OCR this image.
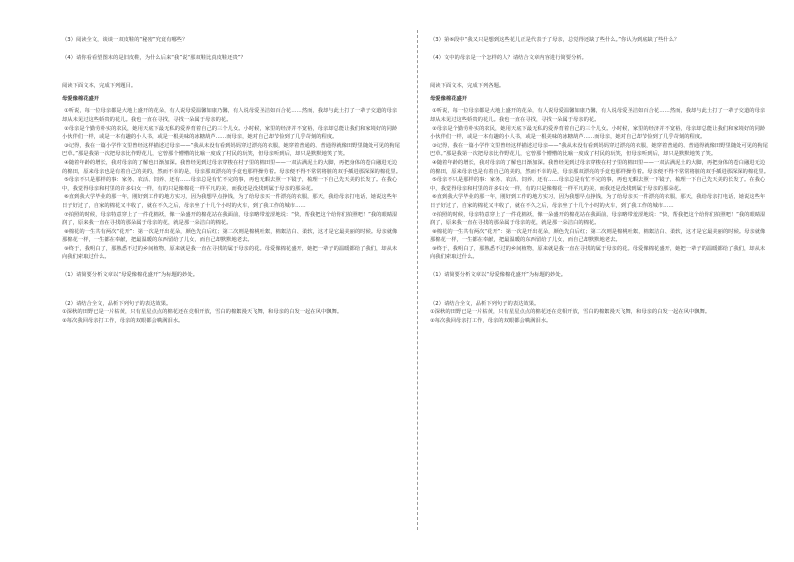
（3）阅读全文，谈谈一双皮鞋的“秘密”究竟有哪些？

（4）请你看看望图末的是旧皮鞋，为什么后来“我”说“那双鞋比真皮鞋还贵”？

阅读下面文本，完成下列题目。

母爱像棉花盛开

①听说，每一位母亲都是大地上盛开的花朵，有人说母爱温馨如康乃馨，有人说母爱圣洁如百合花……然而，我却与此土打了一辈子交道的母亲却从未见过这些娇贵的花儿。我也一直在寻找，寻找一朵属于母亲的花。

②母亲是个勤劳朴实的农民，她用天底下最无私的爱养育着自己的三个儿女。小时候，家里的经济并不宽裕，母亲却总能让我们和家境好的同龄小伙伴们一样，或是一本有趣的小人书，或是一根美味的冰糖葫芦……而母亲，她对自己却节俭到了几乎苛刻的程度。

③记得，我在一篇小学作文里曾经这样描述过母亲——“我从未没有看到妈妈穿过漂亮的衣服，她穿着普通的、普通得就像田野里随处可见的狗尾巴草。”那是我第一次把母亲比作野花儿，它曾那个懵懵的比喻一度成了村民的玩笑，但母亲听到后，却只是默默地笑了笑。

④随着年龄的增长，我对母亲的了解也日渐加深。我曾经见到过母亲穿梭在村子里的棉田里——一双沾满泥土的大脚，再把身体的苍白融进无边的棉田，原来母亲也是有着自己的美的，然而不幸的是，母亲那双漂亮的手竟也那样操劳着。母亲便不得不常常将脏的双手插进那深深的棉花里。

⑤母亲不只是那样的事：家务、农活、饲养、还有……母亲总是有忙不完的事，再也无暇去照一下镜子，梳理一下自己先天美的长发了。在我心中，我觉得母亲和村里的许多妇女一样，有的只是像棉花一样平凡的美，而我还是没找到属于母亲的那朵花。

⑥直到我大学毕业的那一年，刚好到工作的地方实习，因为我想早点挣钱，为了给母亲买一件漂亮的衣服，那天，我给母亲打电话，她说这些年日子好过了，自家的棉花又丰收了，就在不久之后，母亲坐了十几个小时的火车，到了我工作的城市……

⑦拍照的时候，母亲特意穿上了一件花棉袄，像一朵盛开的棉花站在我面前，母亲略带羞涩地说：“快，帮我把这个给你们拍照吧！”我的眼睛湿润了，原来我一直在寻找的那朵属于母亲的花，就是那一朵洁白的棉花。

⑧棉花的一生共有两次“花开”：第一次是开出花朵，颜色先白后红；第二次则是棉桃吐絮，棉絮洁白、柔软，这才是它最美丽的时候。母亲就像那棉花一样，一生都在奉献，把最温暖的东西留给了儿女，而自己却默默地老去。

⑨终于，我明白了，那熟悉不过的乡间植物，原来就是我一直在寻找的属于母亲的花。母爱像棉花盛开，她把一辈子的温暖都给了我们，却从未向我们索取过什么。

（1）请简要分析文章以“母爱像棉花盛开”为标题的妙处。

（2）请结合全文，品析下列句子的表达效果。

①深秋的田野已是一片枯黄，只有星星点点的棉花还在竞相开放，雪白的棉絮漫天飞舞，和母亲的白发一起在风中飘舞。

②每次我回母亲打工作，母亲的双眼都会噙满泪水。

（3）第⑥段中“我又只是想到这些花儿正是代表于了母亲，总觉得还缺了些什么。”你认为到底缺了些什么？

（4）文中的母亲是一个怎样的人？请结合文章内容进行简要分析。

阅读下面文本，完成下列各题。

母爱像棉花盛开

①听说，每一位母亲都是大地上盛开的花朵，有人说母爱温馨如康乃馨，有人说母爱圣洁如百合花……然而，我却与此土打了一辈子交道的母亲却从未见过这些娇贵的花儿。我也一直在寻找，寻找一朵属于母亲的花。

②母亲是个勤劳朴实的农民，她用天底下最无私的爱养育着自己的三个儿女。小时候，家里的经济并不宽裕，母亲却总能让我们和家境好的同龄小伙伴们一样，或是一本有趣的小人书，或是一根美味的冰糖葫芦……而母亲，她对自己却节俭到了几乎苛刻的程度。

③记得，我在一篇小学作文里曾经这样描述过母亲——“我从未没有看到妈妈穿过漂亮的衣服，她穿着普通的、普通得就像田野里随处可见的狗尾巴草。”那是我第一次把母亲比作野花儿，它曾那个懵懵的比喻一度成了村民的玩笑，但母亲听到后，却只是默默地笑了笑。

④随着年龄的增长，我对母亲的了解也日渐加深。我曾经见到过母亲穿梭在村子里的棉田里——一双沾满泥土的大脚，再把身体的苍白融进无边的棉田，原来母亲也是有着自己的美的，然而不幸的是，母亲那双漂亮的手竟也那样操劳着。母亲便不得不常常将脏的双手插进那深深的棉花里。

⑤母亲不只是那样的事：家务、农活、饲养、还有……母亲总是有忙不完的事，再也无暇去照一下镜子，梳理一下自己先天美的长发了。在我心中，我觉得母亲和村里的许多妇女一样，有的只是像棉花一样平凡的美，而我还是没找到属于母亲的那朵花。

⑥直到我大学毕业的那一年，刚好到工作的地方实习，因为我想早点挣钱，为了给母亲买一件漂亮的衣服，那天，我给母亲打电话，她说这些年日子好过了，自家的棉花又丰收了，就在不久之后，母亲坐了十几个小时的火车，到了我工作的城市……

⑦拍照的时候，母亲特意穿上了一件花棉袄，像一朵盛开的棉花站在我面前，母亲略带羞涩地说：“快，帮我把这个给你们拍照吧！”我的眼睛湿润了，原来我一直在寻找的那朵属于母亲的花，就是那一朵洁白的棉花。

⑧棉花的一生共有两次“花开”：第一次是开出花朵，颜色先白后红；第二次则是棉桃吐絮，棉絮洁白、柔软，这才是它最美丽的时候。母亲就像那棉花一样，一生都在奉献，把最温暖的东西留给了儿女，而自己却默默地老去。

⑨终于，我明白了，那熟悉不过的乡间植物，原来就是我一直在寻找的属于母亲的花。母爱像棉花盛开，她把一辈子的温暖都给了我们，却从未向我们索取过什么。

（1）请简要分析文章以“母爱像棉花盛开”为标题的妙处。

（2）请结合全文，品析下列句子的表达效果。

①深秋的田野已是一片枯黄，只有星星点点的棉花还在竞相开放，雪白的棉絮漫天飞舞，和母亲的白发一起在风中飘舞。

②每次我回母亲打工作，母亲的双眼都会噙满泪水。
